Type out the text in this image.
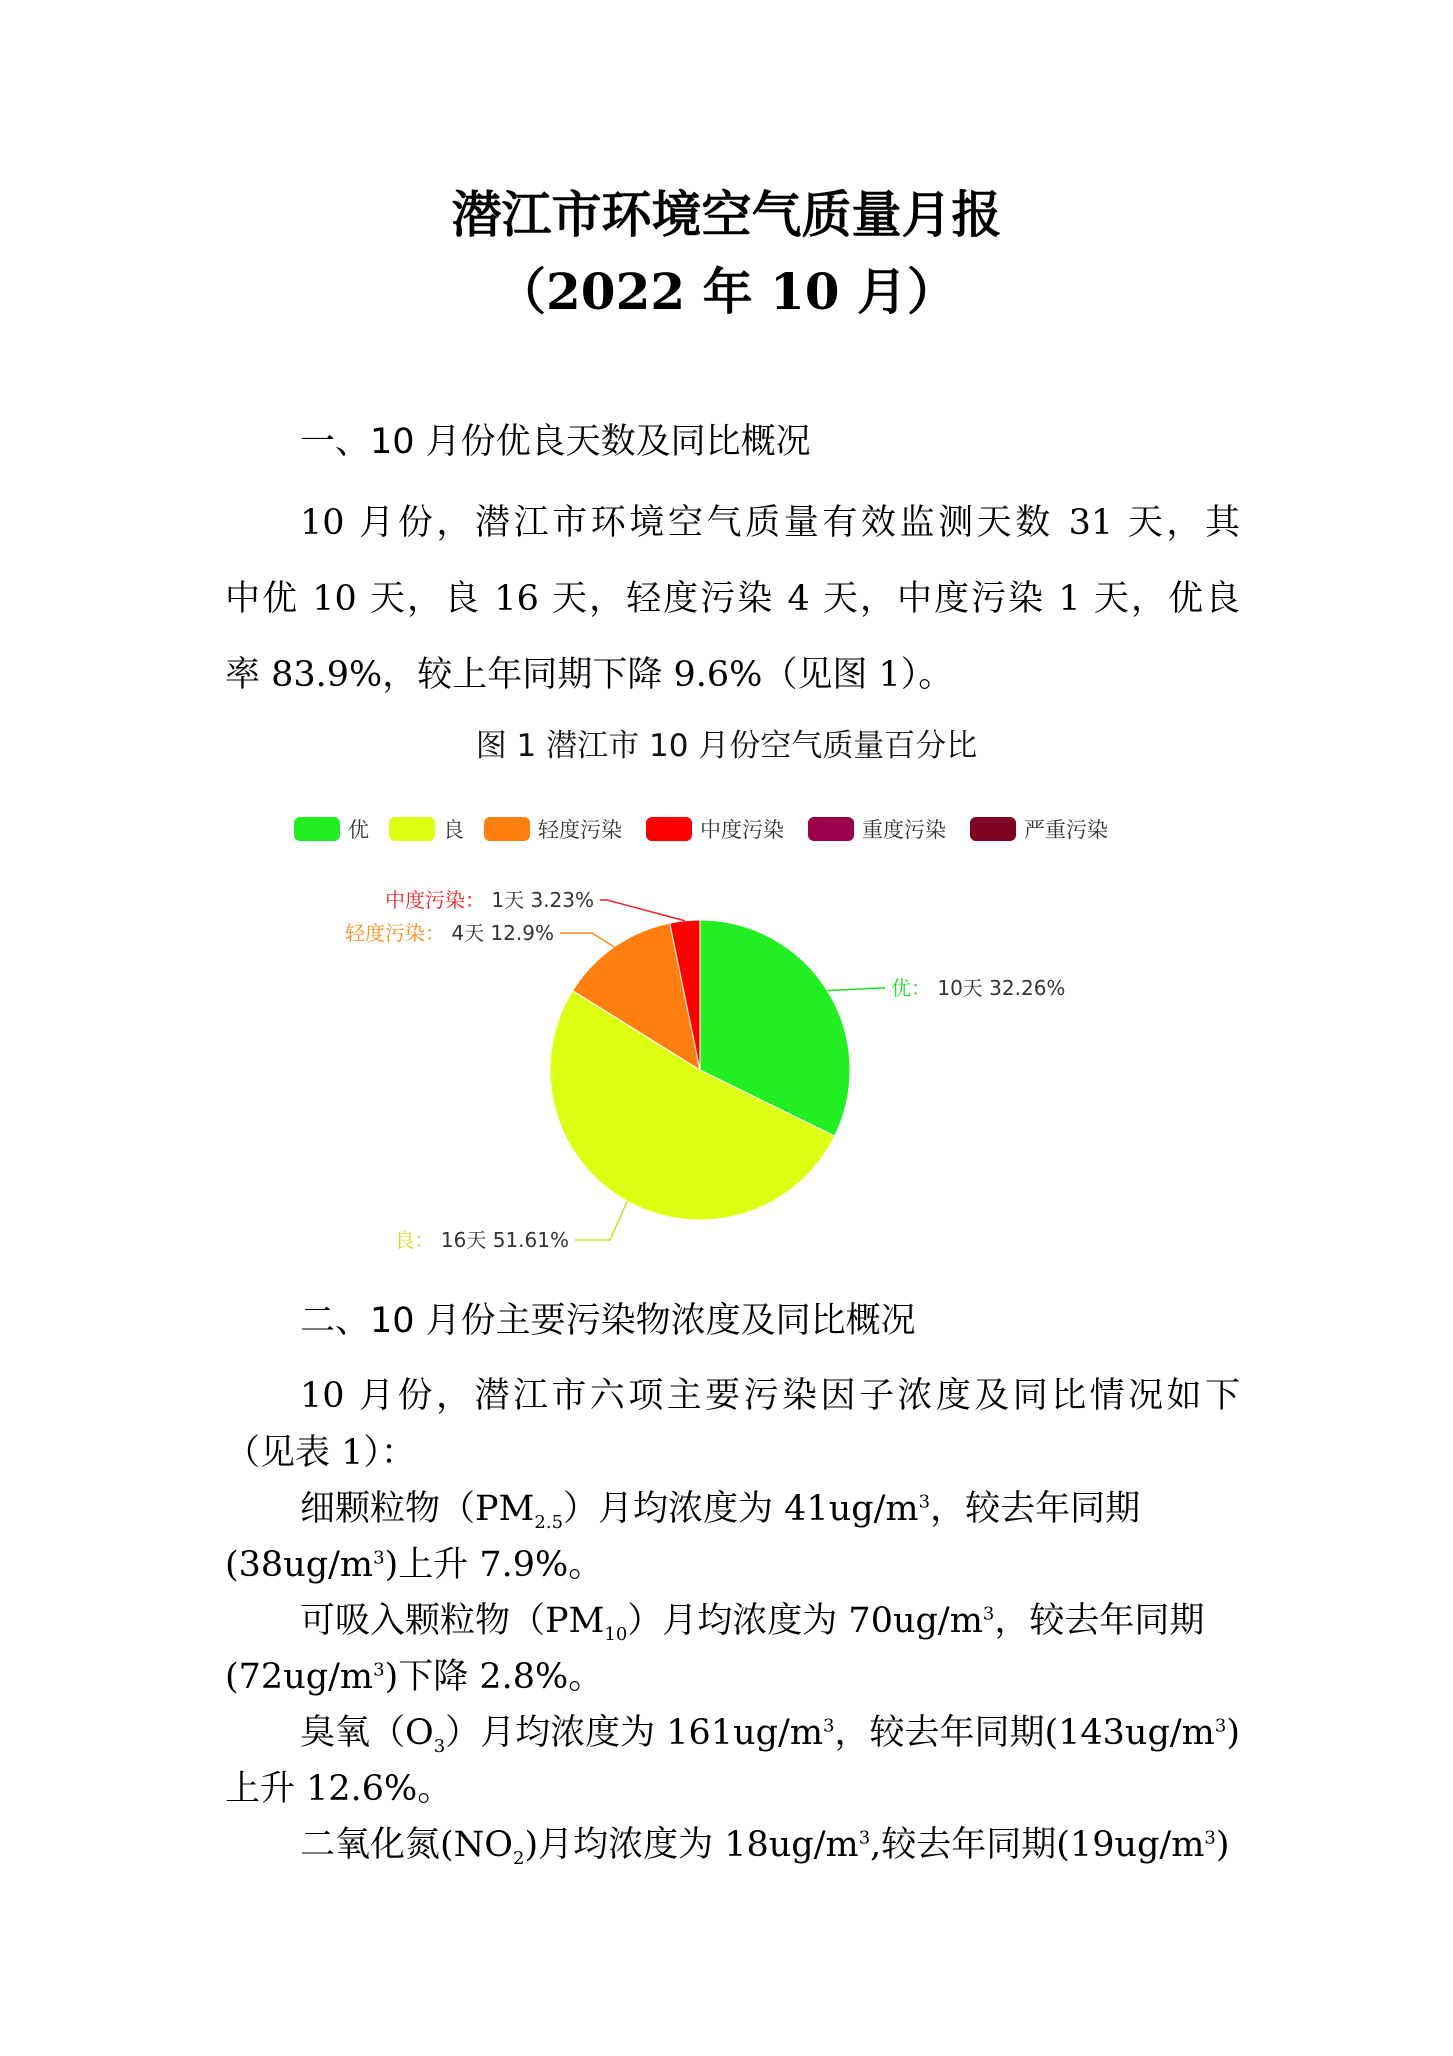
潜江市环境空气质量月报
（2022 年 10 月）
一、10 月份优良天数及同比概况
10 月份，潜江市环境空气质量有效监测天数 31 天，其
中优 10 天，良 16 天，轻度污染 4 天，中度污染 1 天，优良
率 83.9%，较上年同期下降 9.6%（见图 1）。
图 1 潜江市 10 月份空气质量百分比
优	良	轻度污染	中度污染	重度污染	严重污染
优： 10天 32.26%
良： 16天 51.61%
轻度污染： 4天 12.9%
中度污染： 1天 3.23%
二、10 月份主要污染物浓度及同比概况
10 月份，潜江市六项主要污染因子浓度及同比情况如下
（见表 1）：
细颗粒物$(PM_{2.5})$月均浓度为 $41ug/m^3$，较去年同期
$(38ug/m^3)$上升 7.9%。
可吸入颗粒物$(PM_{10})$月均浓度为 $70ug/m^3$，较去年同期
$(72ug/m^3)$下降 2.8%。
臭氧$(O_3)$月均浓度为 $161ug/m^3$，较去年同期$(143ug/m^3)$
上升 12.6%。
二氧化氮$(NO_2)$月均浓度为 $18ug/m^3$,较去年同期$(19ug/m^3)$
